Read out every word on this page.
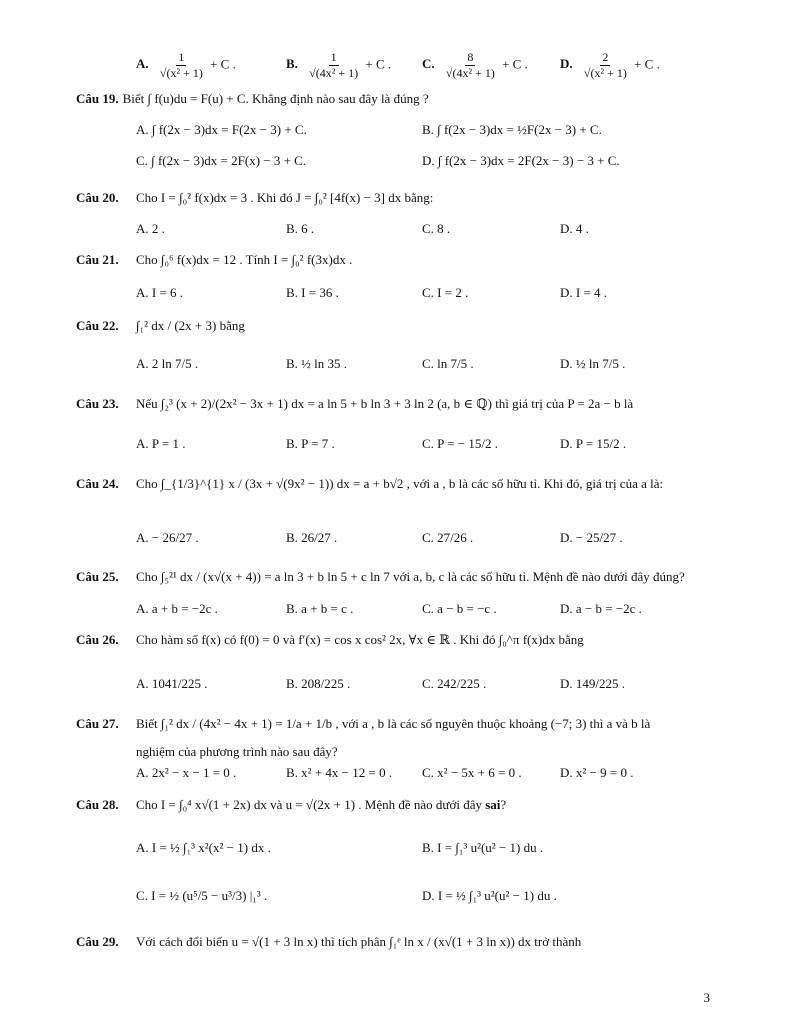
A. $\frac{1}{\text{√(x² + 1)}} + C$ .	B. $\frac{1}{\text{√(4x² + 1)}} + C$ . C. $\frac{8}{\text{√(4x² + 1)}} + C$ . D. $\frac{2}{\text{√(x² + 1)}} + C$ .
Câu 19. Biết ∫ f(u)du = F(u) + C. Khẳng định nào sau đây là đúng ?
A. ∫ f(2x − 3)dx = F(2x − 3) + C.	B. ∫ f(2x − 3)dx = ½F(2x − 3) + C.
C. ∫ f(2x − 3)dx = 2F(x) − 3 + C.	D. ∫ f(2x − 3)dx = 2F(2x − 3) − 3 + C.
Câu 20. Cho I = ∫₀² f(x)dx = 3 . Khi đó J = ∫₀² [4f(x) − 3] dx bằng:
A. 2 .	B. 6 .	C. 8 .	D. 4 .
Câu 21. Cho ∫₀⁶ f(x)dx = 12 . Tính I = ∫₀² f(3x)dx .
A. I = 6 .	B. I = 36 .	C. I = 2 .	D. I = 4 .
Câu 22. ∫₁² dx / (2x + 3) bằng
A. 2 ln 7/5 .	B. ½ ln 35 .	C. ln 7/5 .	D. ½ ln 7/5 .
Câu 23. Nếu ∫₂³ (x + 2)/(2x² − 3x + 1) dx = a ln 5 + b ln 3 + 3 ln 2 (a, b ∈ ℚ) thì giá trị của P = 2a − b là
A. P = 1 .	B. P = 7 .	C. P = − 15/2 .	D. P = 15/2 .
Câu 24. Cho ∫_{1/3}^{1} x / (3x + √(9x² − 1)) dx = a + b√2 , với a , b là các số hữu tỉ. Khi đó, giá trị của a là:
A. − 26/27 .	B. 26/27 .	C. 27/26 .	D. − 25/27 .
Câu 25. Cho ∫₅²¹ dx / (x√(x + 4)) = a ln 3 + b ln 5 + c ln 7 với a, b, c là các số hữu tỉ. Mệnh đề nào dưới đây đúng?
A. a + b = −2c .	B. a + b = c .	C. a − b = −c .	D. a − b = −2c .
Câu 26. Cho hàm số f(x) có f(0) = 0 và f′(x) = cos x cos² 2x, ∀x ∈ ℝ . Khi đó ∫₀^π f(x)dx bằng
A. 1041/225 .	B. 208/225 .	C. 242/225 .	D. 149/225 .
Câu 27. Biết ∫₁² dx / (4x² − 4x + 1) = 1/a + 1/b , với a , b là các số nguyên thuộc khoảng (−7; 3) thì a và b là
nghiệm của phương trình nào sau đây?
A. 2x² − x − 1 = 0 .	B. x² + 4x − 12 = 0 . C. x² − 5x + 6 = 0 .	D. x² − 9 = 0 .
Câu 28. Cho I = ∫₀⁴ x√(1 + 2x) dx và u = √(2x + 1) . Mệnh đề nào dưới đây sai?
A. I = ½ ∫₁³ x²(x² − 1) dx .	B. I = ∫₁³ u²(u² − 1) du .
C. I = ½ (u⁵/5 − u³/3) |₁³ .	D. I = ½ ∫₁³ u²(u² − 1) du .
Câu 29. Với cách đổi biến u = √(1 + 3 ln x) thì tích phân ∫₁ᵉ ln x / (x√(1 + 3 ln x)) dx trở thành
3
